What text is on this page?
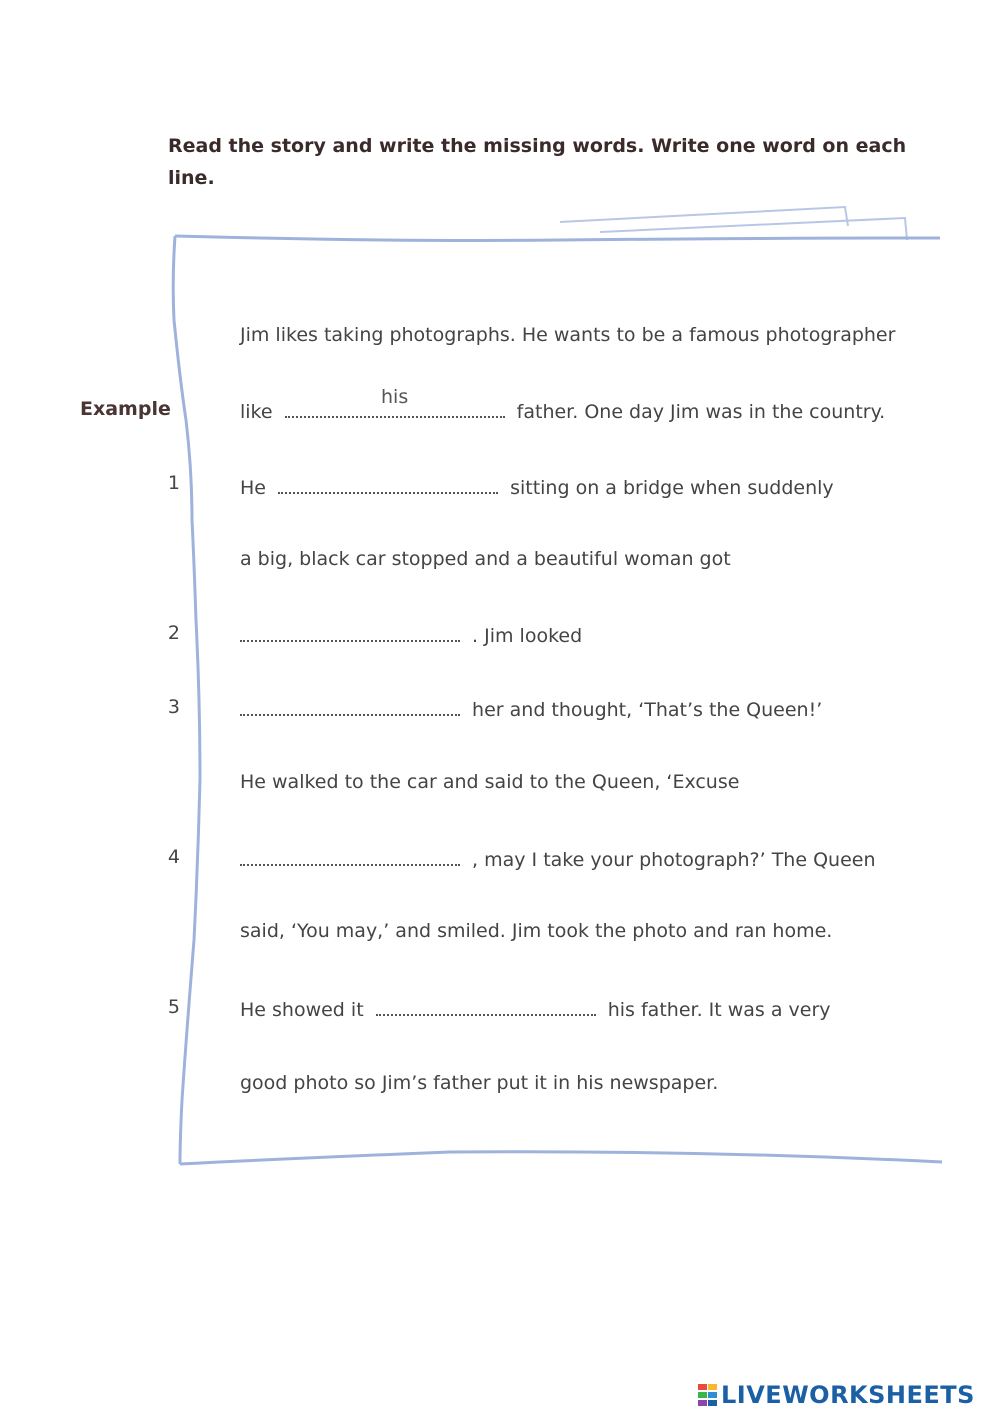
Read the story and write the missing words. Write one word on each line.
Jim likes taking photographs. He wants to be a famous photographer
Example	like
his
father. One day Jim was in the country.
1	He	sitting on a bridge when suddenly
a big, black car stopped and a beautiful woman got
2	. Jim looked
3	her and thought, ‘That’s the Queen!’
He walked to the car and said to the Queen, ‘Excuse
4	, may I take your photograph?’ The Queen
said, ‘You may,’ and smiled. Jim took the photo and ran home.
5	He showed it	his father. It was a very
good photo so Jim’s father put it in his newspaper.
LIVEWORKSHEETS
